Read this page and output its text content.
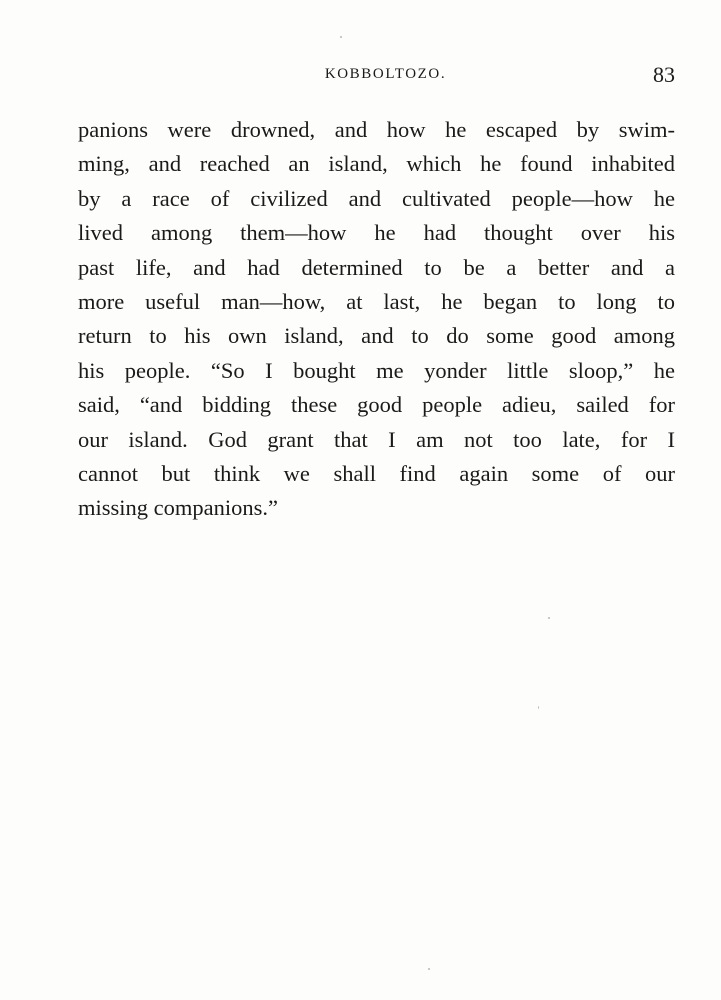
KOBBOLTOZO.	83
panions were drowned, and how he escaped by swim-
ming, and reached an island, which he found inhabited
by a race of civilized and cultivated people—how he
lived among them—how he had thought over his
past life, and had determined to be a better and a
more useful man—how, at last, he began to long to
return to his own island, and to do some good among
his people. “So I bought me yonder little sloop,” he
said, “and bidding these good people adieu, sailed for
our island. God grant that I am not too late, for I
cannot but think we shall find again some of our
missing companions.”
